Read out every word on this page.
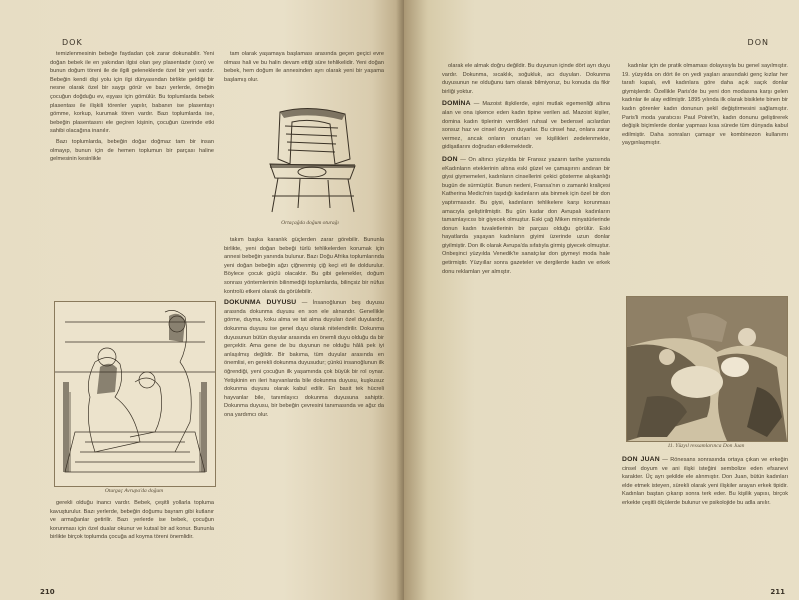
DOK

temizlenmesinin bebeğe faydadan çok zarar dokunabilir. Yeni doğan bebek ile en yakından ilgisi olan şey plasentadır (son) ve bunun doğum töreni ile de ilgili geleneklerde özel bir yeri vardır. Bebeğin kendi dişi yolu için ilgi dünyasından birlikte geldiği bir nesne olarak özel bir saygı görür ve bazı yerlerde, örneğin çocuğun doğduğu ev, eşyası için gömülür. Bu toplumlarda bebek plasentası ile ilişkili törenler yapılır, babanın ise plasentayı gömme, korkup, kurumak tören vardır. Bazı toplumlarda ise, bebeğin plasentasını ele geçiren kişinin, çocuğun üzerinde etki sahibi olacağına inanılır.

Bazı toplumlarda, bebeğin doğar doğmaz tam bir insan olmayıp, bunun için de hemen toplumun bir parçası haline gelmesinin kesinlikle

Oturgaç Avrupa'da doğum

gerekli olduğu inancı vardır. Bebek, çeşitli yollarla topluma kavuşturulur. Bazı yerlerde, bebeğin doğumu bayram gibi kutlanır ve armağanlar getirilir. Bazı yerlerde ise bebek, çocuğun korunması için özel dualar okunur ve kutsal bir ad konur. Bununla birlikte birçok toplumda çocuğa ad koyma töreni önemlidir.

tam olarak yaşamaya başlaması arasında geçen geçici evre olması hali ve bu halin devam ettiği süre tehlikelidir. Yeni doğan bebek, hem doğum ile annesinden ayrı olarak yeni bir yaşama başlamış olur.

Ortaçağda doğum oturağı

takım başka karanlık güçlerden zarar görebilir. Bununla birlikte, yeni doğan bebeği türlü tehlikelerden korumak için annesi bebeğin yanında bulunur. Bazı Doğu Afrika toplumlarında yeni doğan bebeğin ağzı çiğnenmiş çiğ keçi eti ile doldurulur. Böylece çocuk güçlü olacaktır. Bu gibi gelenekler, doğum sonrası yöntemlerinin bilinmediği toplumlarda, bilinçsiz bir nüfus kontrolü etkeni olarak da görülebilir.

DOKUNMA DUYUSU — İnsanoğlunun beş duyusu arasında dokunma duyusu en son ele alınandır. Genellikle görme, duyma, koku alma ve tat alma duyuları özel duyulardır, dokunma duyusu ise genel duyu olarak nitelendirilir. Dokunma duyusunun bütün duyular arasında en önemli duyu olduğu da bir gerçektir. Ama gene de bu duyunun ne olduğu hâlâ pek iyi anlaşılmış değildir. Bir bakıma, tüm duyular arasında en önemlisi, en gerekli dokunma duyusudur; çünkü insanoğlunun ilk öğrendiği, yeni çocuğun ilk yaşamında çok büyük bir rol oynar. Yetişkinin en ileri hayvanlarda bile dokunma duyusu, kuşkusuz dokunma duyusu olarak kabul edilir. En basit tek hücreli hayvanlar bile, tanımlayıcı dokunma duyusuna sahiptir. Dokunma duyusu, bir bebeğin çevresini tanımasında ve ağız da ona yardımcı olur.

210
DON

olarak ele almak doğru değildir. Bu duyunun içinde dört ayrı duyu vardır. Dokunma, sıcaklık, soğukluk, acı duyuları. Dokunma duyusunun ne olduğunu tam olarak bilmiyoruz, bu konuda da fikir birliği yoktur.

DOMİNA — Mazoist ilişkilerde, eşini mutlak egemenliği altına alan ve ona işkence eden kadın tipine verilen ad. Mazoist kişiler, domina kadın tiplerinin verdikleri ruhsal ve bedensel acılardan sonsuz haz ve cinsel doyum duyarlar. Bu cinsel haz, onlara zarar vermez, ancak onların onurları ve kişilikleri zedelenmekte, gidişatlarını doğrudan etkilemektedir.

DON — On altıncı yüzyılda bir Fransız yazarın tarihe yazısında eKadınların eteklerinin altına eski güzel ve çamaşırını andıran bir giysi giymemeleri, kadınların cinsellerini çekici gösterme alışkanlığı bugün de sürmüştür. Bunun nedeni, Fransa'nın o zamanki kraliçesi Katherina Medici'nin taşıdığı kadınların ata binmek için özel bir don yaptırmasıdır. Bu giysi, kadınların tehlikelere karşı korunması amacıyla geliştirilmiştir. Bu gün kadar don Avrupalı kadınların tamamlayıcısı bir giyecek olmuştur. Eski çağ Miken minyatürlerinde donun kadın tuvaletlerinin bir parçası olduğu görülür. Eski hayatlarda yaşayan kadınların giyimi üzerinde uzun donlar giyilmiştir. Don ilk olarak Avrupa'da sıfatıyla girmiş giyecek olmuştur. Onbeşinci yüzyılda Venedik'te sanatçılar don giymeyi moda hale getirmiştir. Yüzyıllar sonra gazeteler ve dergilerde kadın ve erkek donu reklamları yer almıştır.

kadınlar için de pratik olmaması dolayısıyla bu genel sayılmıştır. 19. yüzyılda on dört ile on yedi yaşları arasındaki genç kızlar her tarafı kapalı, evli kadınlara göre daha açık saçık donlar giymişlerdir. Özellikle Paris'de bu yeni don modasına karşı gelen kadınlar ile alay edilmiştir. 1895 yılında ilk olarak bisiklete binen bir kadın görenler kadın donunun şekil değiştirmesini sağlamıştır. Paris'li moda yaratıcısı Paul Poiret'in, kadın donunu geliştirerek değişik biçimlerde donlar yapması kısa sürede tüm dünyada kabul edilmiştir. Daha sonraları çamaşır ve kombinezon kullanımı yaygınlaşmıştır.

11. Yüzyıl ressamlarınca Don Juan

DON JUAN — Rönesans sonrasında ortaya çıkan ve erkeğin cinsel doyum ve ani ilişki isteğini sembolize eden efsanevi karakter. Üç ayrı şekilde ele alınmıştır. Don Juan, bütün kadınları elde etmek isteyen, sürekli olarak yeni ilişkiler arayan erkek tipidir. Kadınları baştan çıkarıp sonra terk eder. Bu kişilik yapısı, birçok erkekte çeşitli ölçülerde bulunur ve psikolojide bu adla anılır.

211
